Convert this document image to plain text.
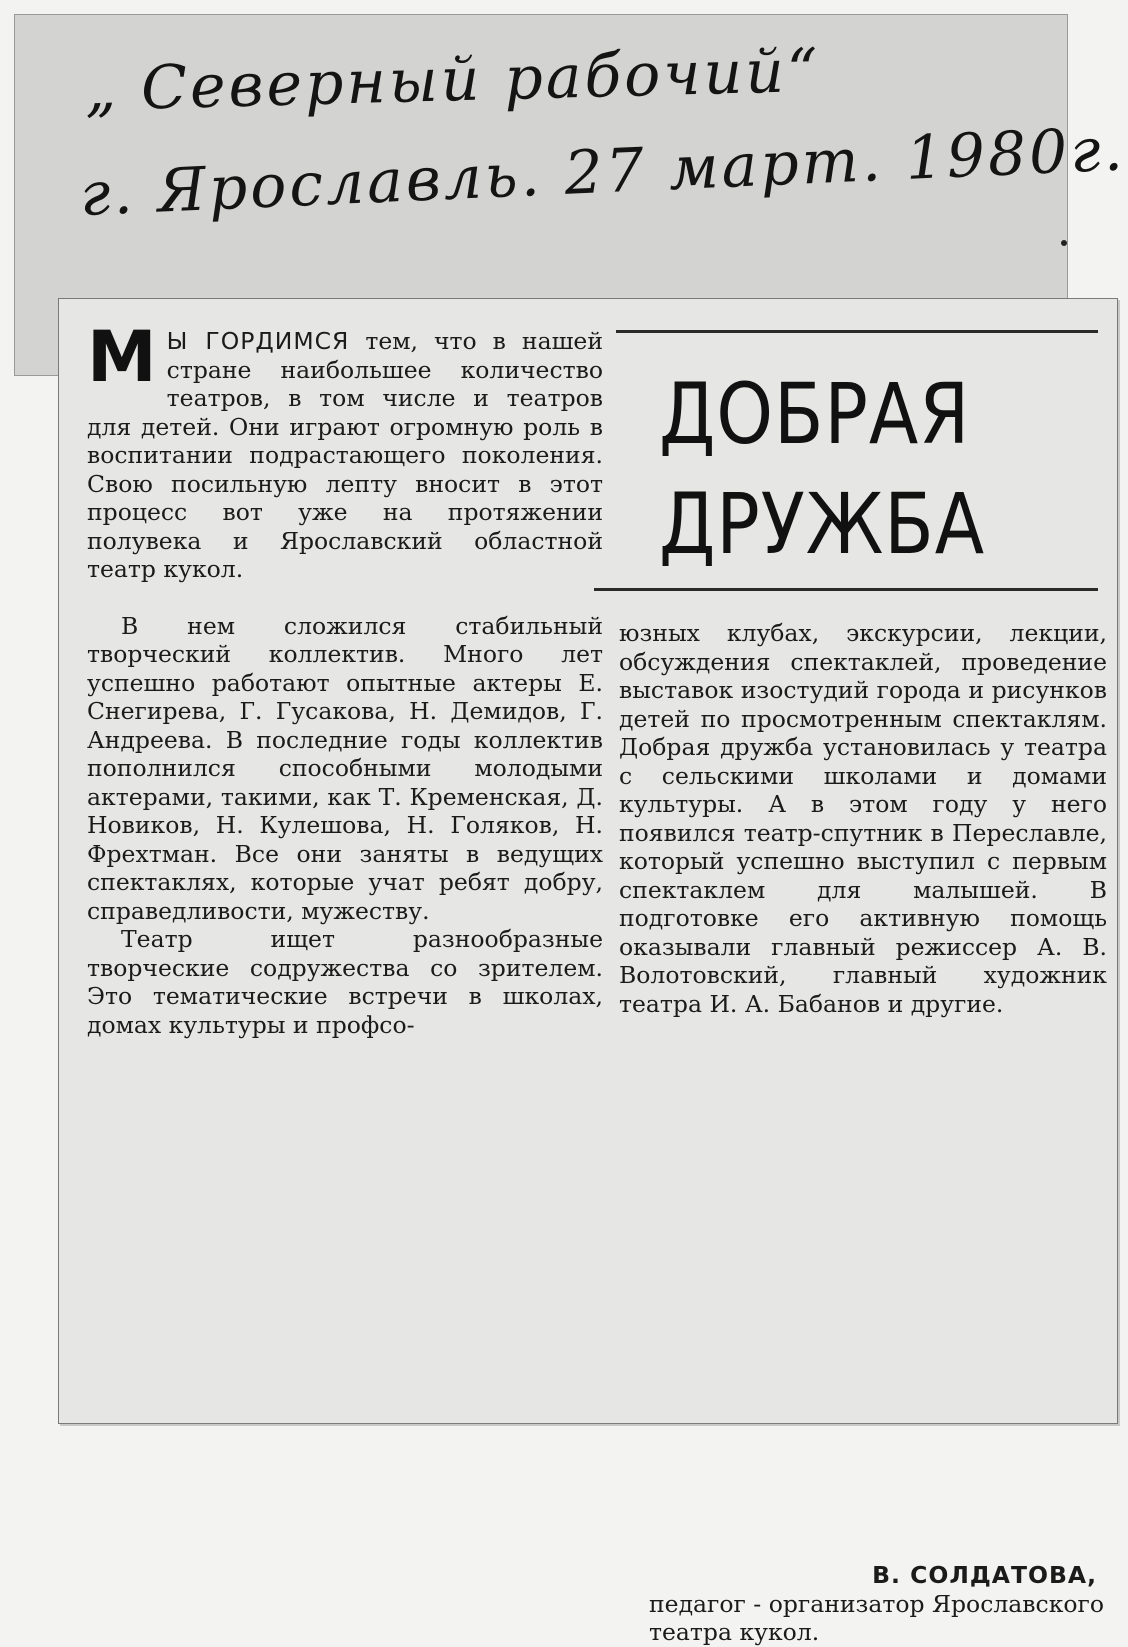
„ Северный рабочий“
г. Ярославль. 27 март. 1980г.

М Ы ГОРДИМСЯ тем, что в нашей стране наибольшее количество театров, в том числе и театров для детей. Они играют огромную роль в воспитании подрастающего поколения. Свою посильную лепту вносит в этот процесс вот уже на протяжении полувека и Ярославский областной театр кукол.

В нем сложился стабильный творческий коллектив. Много лет успешно работают опытные актеры Е. Снегирева, Г. Гусакова, Н. Демидов, Г. Андреева. В последние годы коллектив пополнился способными молодыми актерами, такими, как Т. Кременская, Д. Новиков, Н. Кулешова, Н. Голяков, Н. Фрехтман. Все они заняты в ведущих спектаклях, которые учат ребят добру, справедливости, мужеству.

Театр ищет разнообразные творческие содружества со зрителем. Это тематические встречи в школах, домах культуры и профсо-

ДОБРАЯ
ДРУЖБА

юзных клубах, экскурсии, лекции, обсуждения спектаклей, проведение выставок изостудий города и рисунков детей по просмотренным спектаклям. Добрая дружба установилась у театра с сельскими школами и домами культуры. А в этом году у него появился театр-спутник в Переславле, который успешно выступил с первым спектаклем для малышей. В подготовке его активную помощь оказывали главный режиссер А. В. Волотовский, главный художник театра И. А. Бабанов и другие.

В. СОЛДАТОВА,
педагог - организатор Ярославского театра кукол.
